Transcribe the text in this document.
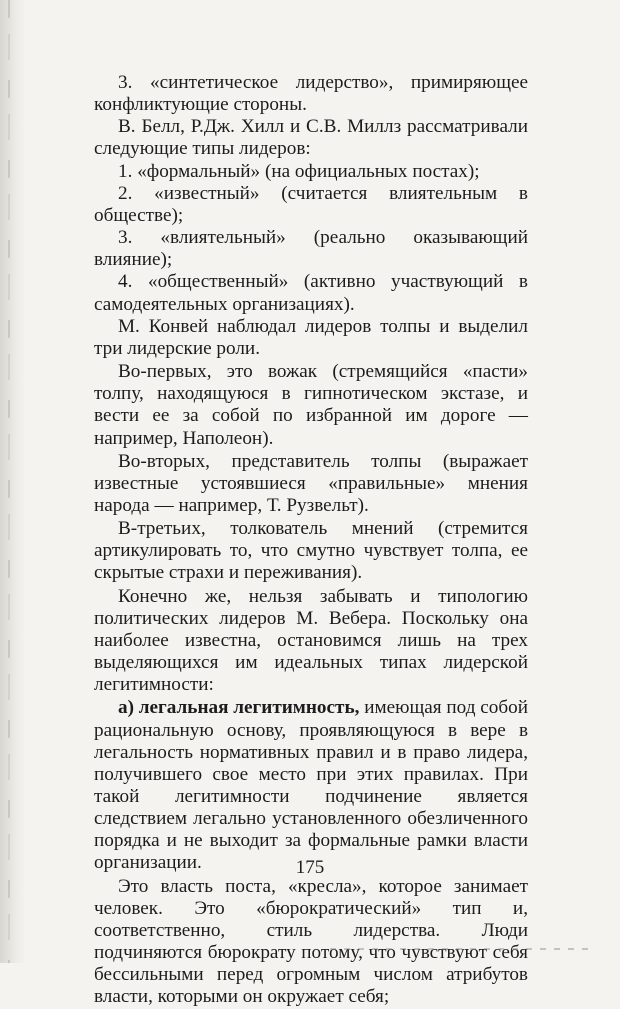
3. «синтетическое лидерство», примиряющее конфликтующие стороны.

В. Белл, Р.Дж. Хилл и С.В. Миллз рассматривали следующие типы лидеров:

1. «формальный» (на официальных постах);

2. «известный» (считается влиятельным в обществе);

3. «влиятельный» (реально оказывающий влияние);

4. «общественный» (активно участвующий в самодеятельных организациях).

М. Конвей наблюдал лидеров толпы и выделил три лидерские роли.

Во-первых, это вожак (стремящийся «пасти» толпу, находящуюся в гипнотическом экстазе, и вести ее за собой по избранной им дороге — например, Наполеон).

Во-вторых, представитель толпы (выражает известные устоявшиеся «правильные» мнения народа — например, Т. Рузвельт).

В-третьих, толкователь мнений (стремится артикулировать то, что смутно чувствует толпа, ее скрытые страхи и переживания).

Конечно же, нельзя забывать и типологию политических лидеров М. Вебера. Поскольку она наиболее известна, остановимся лишь на трех выделяющихся им идеальных типах лидерской легитимности:

а) легальная легитимность, имеющая под собой рациональную основу, проявляющуюся в вере в легальность нормативных правил и в право лидера, получившего свое место при этих правилах. При такой легитимности подчинение является следствием легально установленного обезличенного порядка и не выходит за формальные рамки власти организации.

Это власть поста, «кресла», которое занимает человек. Это «бюрократический» тип и, соответственно, стиль лидерства. Люди подчиняются бюрократу потому, что чувствуют себя бессильными перед огромным числом атрибутов власти, которыми он окружает себя;

175
